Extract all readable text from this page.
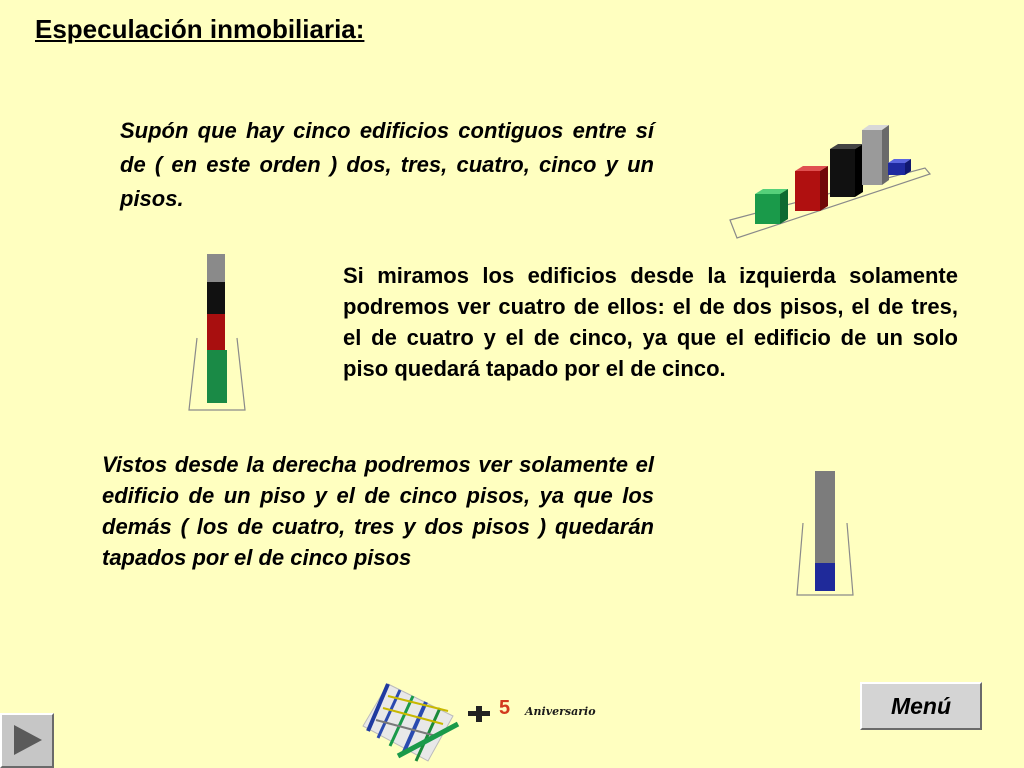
Especulación inmobiliaria:

Supón que hay cinco edificios contiguos entre sí de ( en este orden ) dos, tres, cuatro, cinco y un pisos.

Si miramos los edificios desde la izquierda solamente podremos ver cuatro de ellos: el de dos pisos, el de tres, el de cuatro y el de cinco, ya que el edificio de un solo piso quedará tapado por el de cinco.

Vistos desde la derecha podremos ver solamente el edificio de un piso y el de cinco pisos, ya que los demás ( los de cuatro, tres y dos pisos ) quedarán tapados por el de cinco pisos

5 Aniversario	Menú
